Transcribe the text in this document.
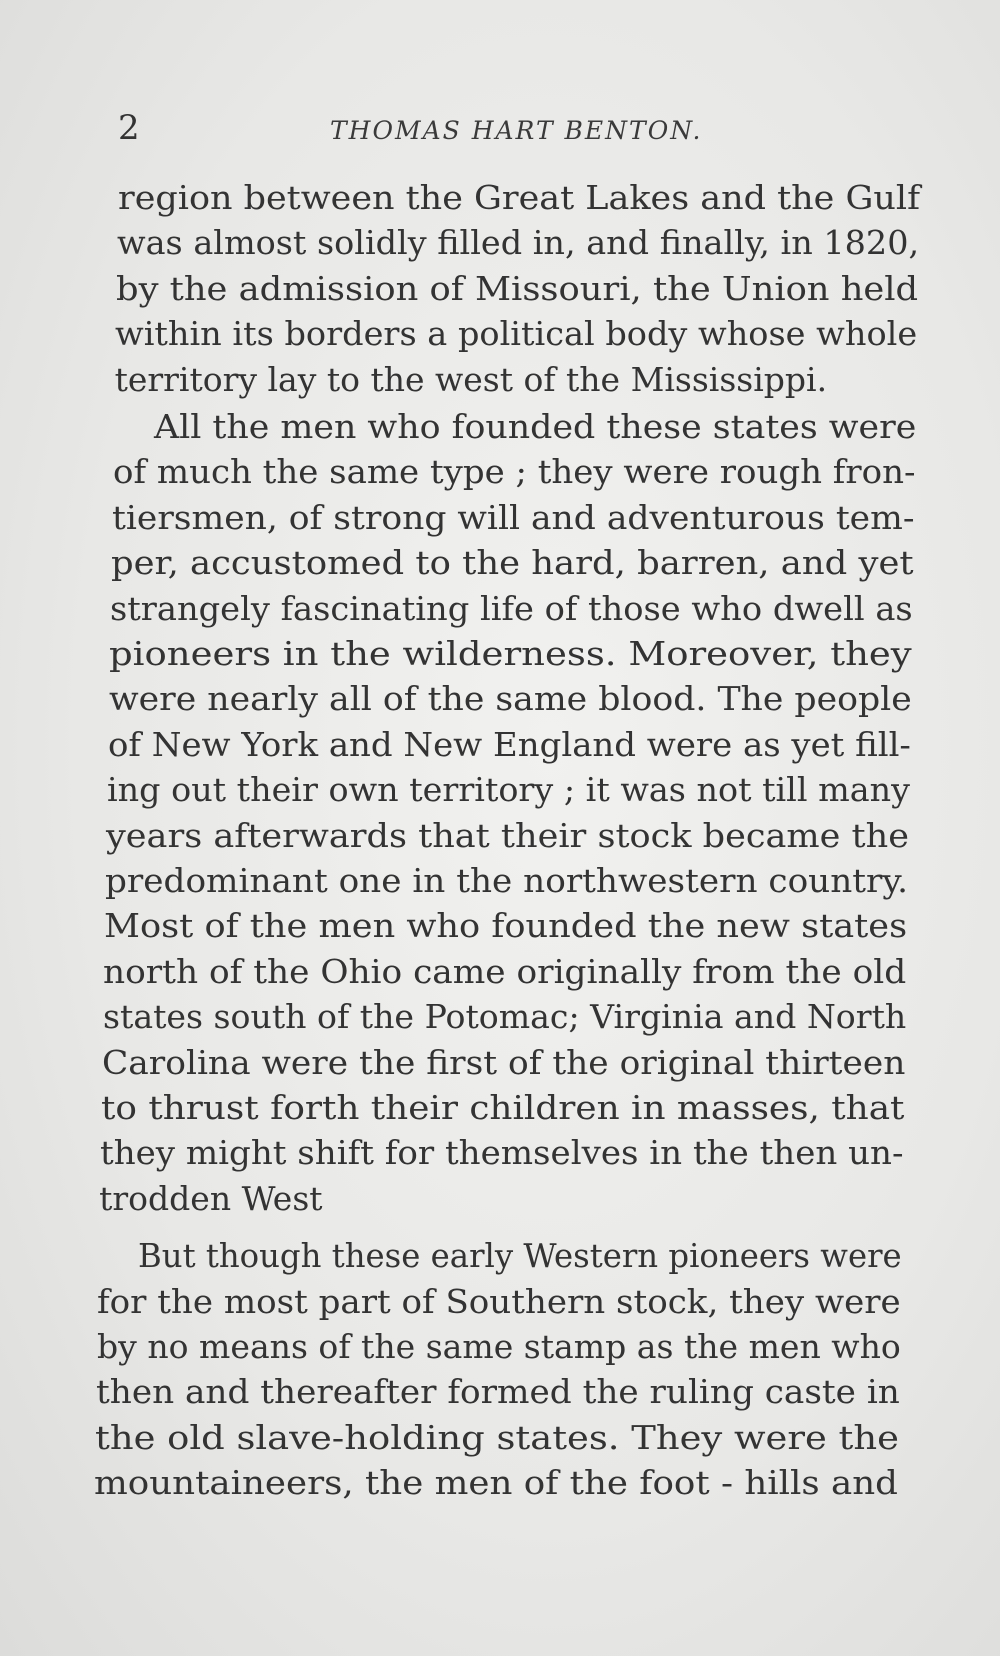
2	THOMAS HART BENTON.
region between the Great Lakes and the Gulf
was almost solidly filled in, and finally, in 1820,
by the admission of Missouri, the Union held
within its borders a political body whose whole
territory lay to the west of the Mississippi.
All the men who founded these states were
of much the same type ; they were rough fron-
tiersmen, of strong will and adventurous tem-
per, accustomed to the hard, barren, and yet
strangely fascinating life of those who dwell as
pioneers in the wilderness. Moreover, they
were nearly all of the same blood. The people
of New York and New England were as yet fill-
ing out their own territory ; it was not till many
years afterwards that their stock became the
predominant one in the northwestern country.
Most of the men who founded the new states
north of the Ohio came originally from the old
states south of the Potomac; Virginia and North
Carolina were the first of the original thirteen
to thrust forth their children in masses, that
they might shift for themselves in the then un-
trodden West
But though these early Western pioneers were
for the most part of Southern stock, they were
by no means of the same stamp as the men who
then and thereafter formed the ruling caste in
the old slave-holding states. They were the
mountaineers, the men of the foot - hills and
